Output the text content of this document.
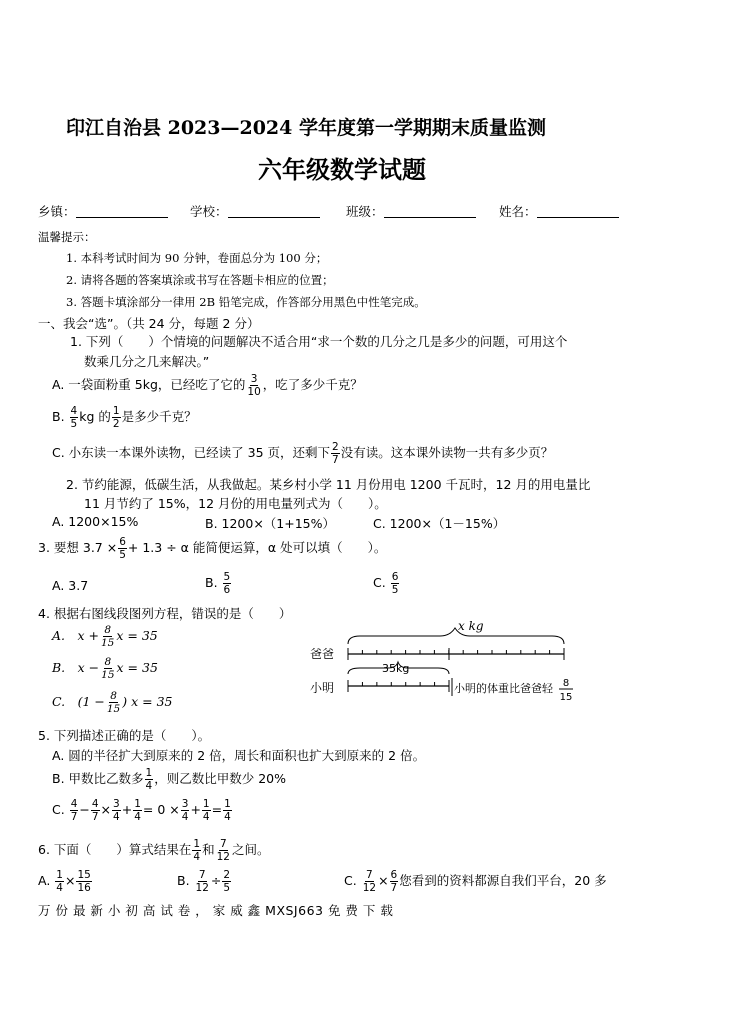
印江自治县 2023—2024 学年度第一学期期末质量监测
六年级数学试题
乡镇：	学校：	班级：	姓名：
温馨提示：
1. 本科考试时间为 90 分钟，卷面总分为 100 分；
2. 请将各题的答案填涂或书写在答题卡相应的位置；
3. 答题卡填涂部分一律用 2B 铅笔完成，作答部分用黑色中性笔完成。
一、我会“选”。（共 24 分，每题 2 分）
1. 下列（　　）个情境的问题解决不适合用“求一个数的几分之几是多少的问题，可用这个
数乘几分之几来解决。”
A. 一袋面粉重 5kg，已经吃了它的 $\frac{3}{10}$ ，吃了多少千克？
B. $\frac{4}{5}$ kg 的 $\frac{1}{2}$ 是多少千克？
C. 小东读一本课外读物，已经读了 35 页，还剩下 $\frac{2}{7}$ 没有读。这本课外读物一共有多少页？
2. 节约能源，低碳生活，从我做起。某乡村小学 11 月份用电 1200 千瓦时，12 月的用电量比
11 月节约了 15%，12 月份的用电量列式为（　　）。
A. 1200×15%	B. 1200×（1+15%）	C. 1200×（1－15%）
3. 要想 $3.7 \times \frac{6}{5} + 1.3 \div \alpha$ 能简便运算，α 处可以填（　　）。
A. 3.7	B. $\frac{5}{6}$	C. $\frac{6}{5}$
4. 根据右图线段图列方程，错误的是（　　）
A.　$x + \frac{8}{15}$ x = 35
B.　$x - \frac{8}{15}$ x = 35
C.　($1 - \frac{8}{15}$ ) x = 35
x kg
爸爸
35kg
小明	小明的体重比爸爸轻 8
15
5. 下列描述正确的是（　　）。
A. 圆的半径扩大到原来的 2 倍，周长和面积也扩大到原来的 2 倍。
B. 甲数比乙数多 $\frac{1}{4}$ ，则乙数比甲数少 20%
C. $\frac{4}{7} - \frac{4}{7} \times \frac{3}{4} + \frac{1}{4} = 0 \times \frac{3}{4} + \frac{1}{4} = \frac{1}{4}$
6. 下面（　　）算式结果在 $\frac{1}{4}$ 和 $\frac{7}{12}$ 之间。
A. $\frac{1}{4} \times \frac{15}{16}$	B. $\frac{7}{12} \div \frac{2}{5}$	C. $\frac{7}{12} \times \frac{6}{7}$ 您看到的资料都源自我们平台，20 多
万 份 最 新 小 初 高 试 卷 ， 家 威 鑫 MXSJ663 免 费 下 载
